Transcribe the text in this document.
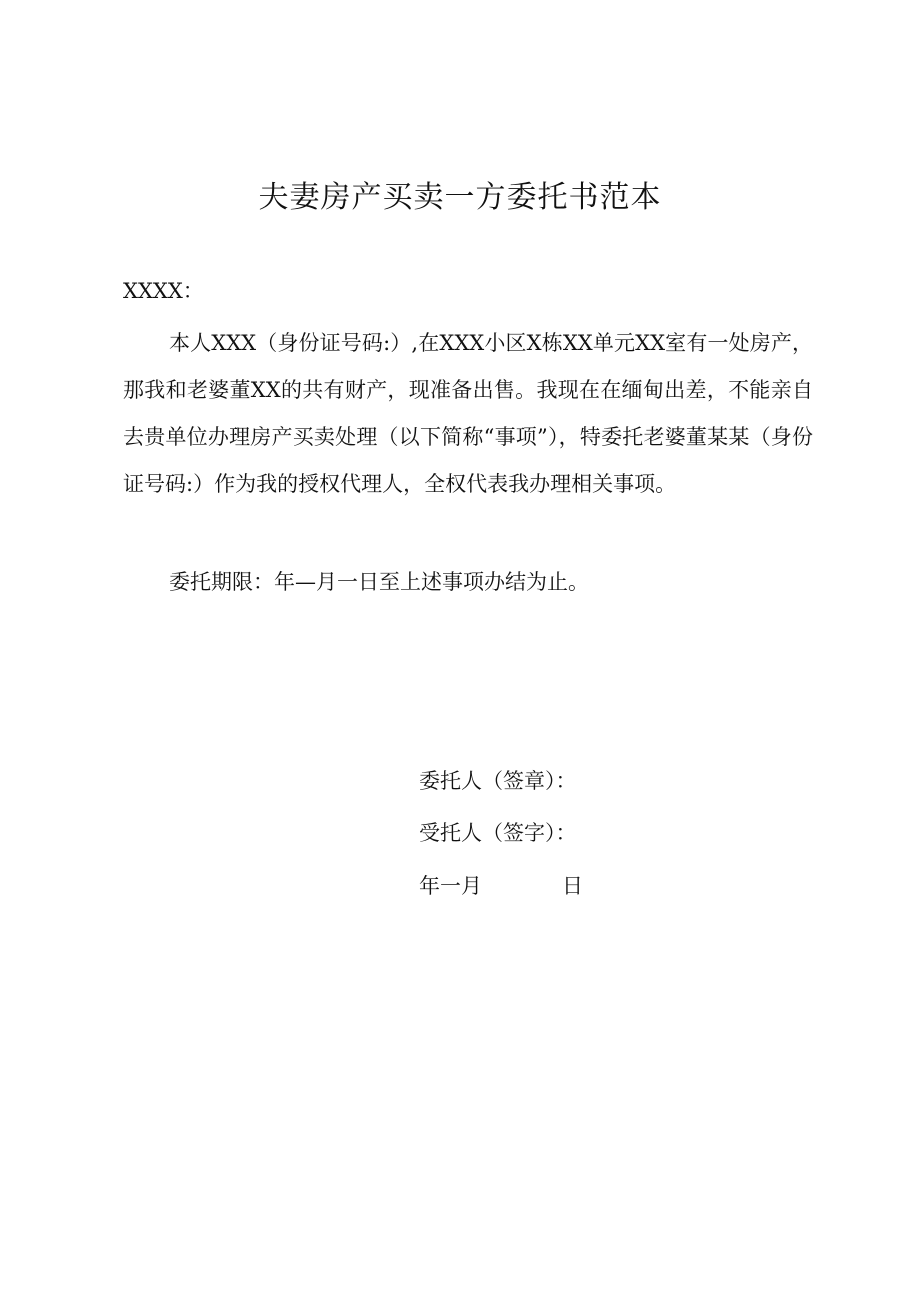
夫妻房产买卖一方委托书范本
XXXX：
本人XXX（身份证号码:）,在XXX小区X栋XX单元XX室有一处房产，那我和老婆董XX的共有财产，现准备出售。我现在在缅甸出差，不能亲自去贵单位办理房产买卖处理（以下简称“事项”），特委托老婆董某某（身份证号码:）作为我的授权代理人，全权代表我办理相关事项。
委托期限：年—月一日至上述事项办结为止。
委托人（签章）：
受托人（签字）：
年一月	日
